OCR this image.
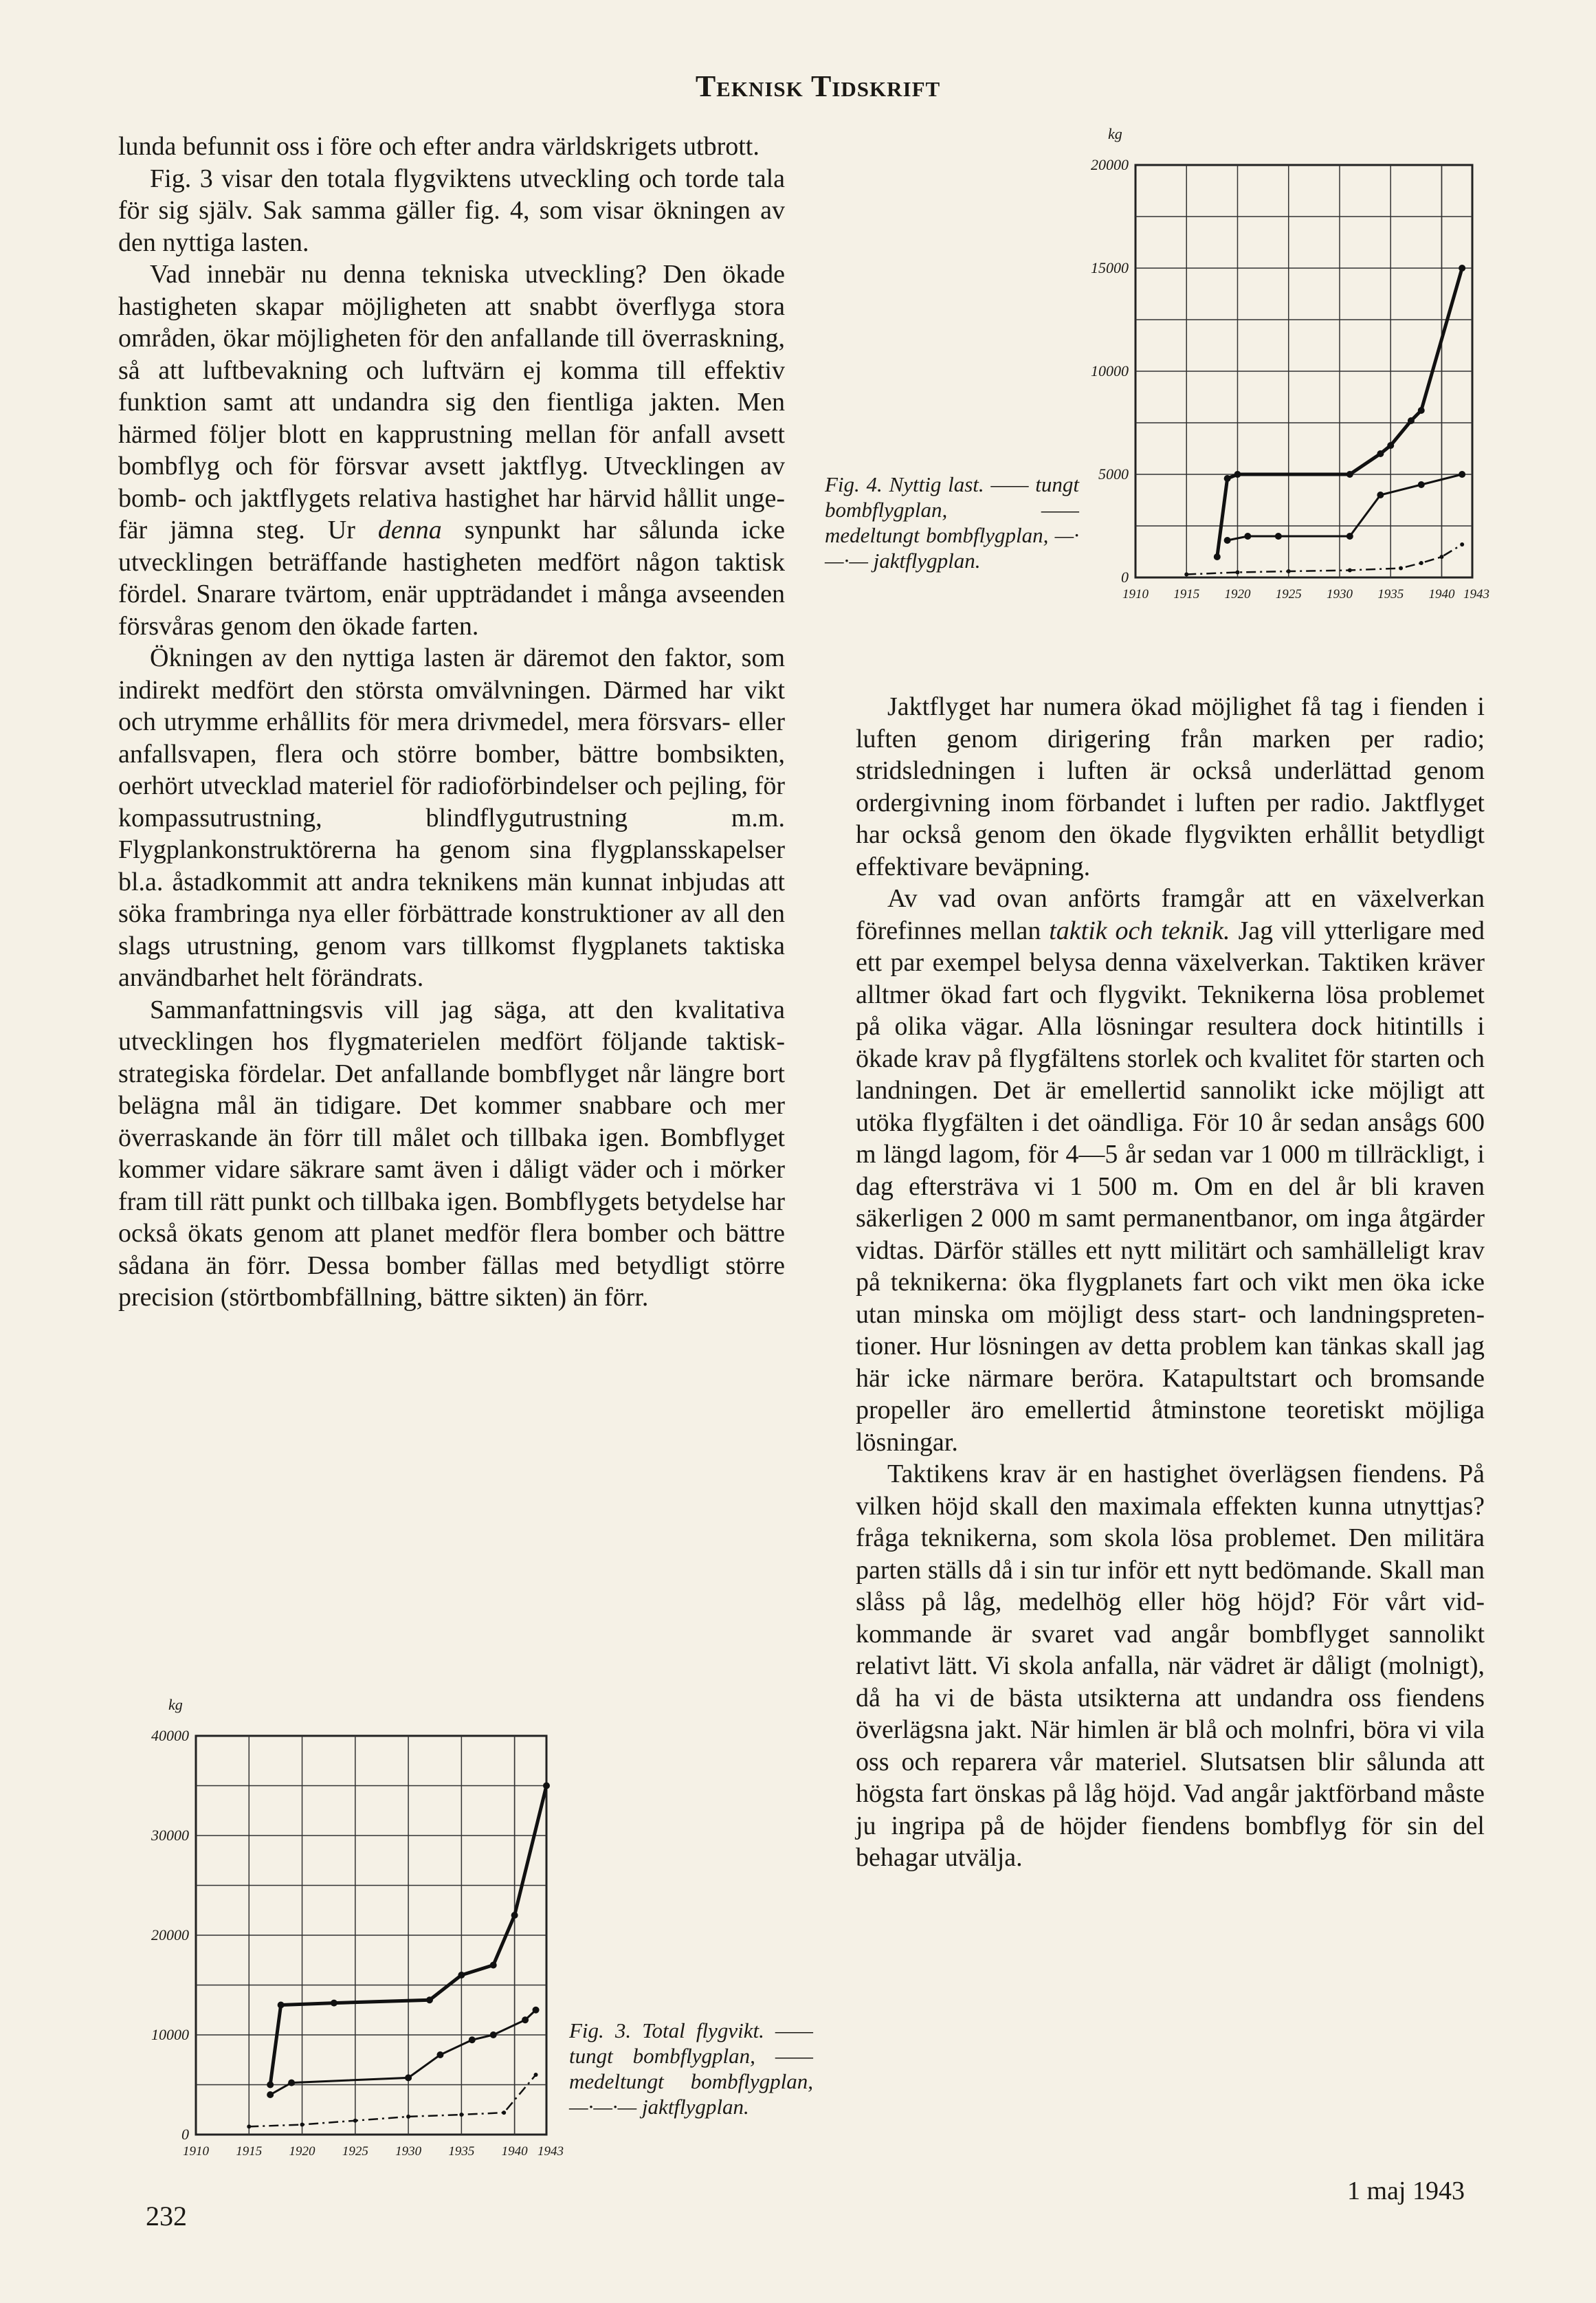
Teknisk Tidskrift

lunda befunnit oss i före och efter andra världskrigets utbrott.

Fig. 3 visar den totala flygviktens utveckling och torde tala för sig själv. Sak samma gäller fig. 4, som visar ökningen av den nyttiga lasten.

Vad innebär nu denna tekniska utveckling? Den ökade hastigheten skapar möjligheten att snabbt överflyga stora områden, ökar möjligheten för den anfallande till överraskning, så att luftbevakning och luftvärn ej komma till effektiv funktion samt att undandra sig den fientliga jakten. Men härmed följer blott en kapprustning mellan för anfall avsett bombflyg och för försvar avsett jaktflyg. Utvecklingen av bomb- och jaktflygets relativa hastighet har härvid hållit ungefär jämna steg. Ur denna synpunkt har sålunda icke utvecklingen beträffande hastigheten medfört någon taktisk fördel. Snarare tvärtom, enär uppträdandet i många avseenden försvåras genom den ökade farten.

Ökningen av den nyttiga lasten är däremot den faktor, som indirekt medfört den största omvälvningen. Därmed har vikt och utrymme erhållits för mera drivmedel, mera försvars- eller anfallsvapen, flera och större bomber, bättre bombsikten, oerhört utvecklad materiel för radioförbindelser och pejling, för kompassutrustning, blindflygutrustning m.m. Flygplankonstruktörerna ha genom sina flygplansskapelser bl.a. åstadkommit att andra teknikens män kunnat inbjudas att söka frambringa nya eller förbättrade konstruktioner av all den slags utrustning, genom vars tillkomst flygplanets taktiska användbarhet helt förändrats.

Sammanfattningsvis vill jag säga, att den kvalitativa utvecklingen hos flygmaterielen medfört följande taktisk-strategiska fördelar. Det anfallande bombflyget når längre bort belägna mål än tidigare. Det kommer snabbare och mer överraskande än förr till målet och tillbaka igen. Bombflyget kommer vidare säkrare samt även i dåligt väder och i mörker fram till rätt punkt och tillbaka igen. Bombflygets betydelse har också ökats genom att planet medför flera bomber och bättre sådana än förr. Dessa bomber fällas med betydligt större precision (störtbombfällning, bättre sikten) än förr.

Jaktflyget har numera ökad möjlighet få tag i fienden i luften genom dirigering från marken per radio; stridsledningen i luften är också underlättad genom ordergivning inom förbandet i luften per radio. Jaktflyget har också genom den ökade flygvikten erhållit betydligt effektivare beväpning.

Av vad ovan anförts framgår att en växelverkan förefinnes mellan taktik och teknik. Jag vill ytterligare med ett par exempel belysa denna växelverkan. Taktiken kräver alltmer ökad fart och flygvikt. Teknikerna lösa problemet på olika vägar. Alla lösningar resultera dock hitintills i ökade krav på flygfältens storlek och kvalitet för starten och landningen. Det är emellertid sannolikt icke möjligt att utöka flygfälten i det oändliga. För 10 år sedan ansågs 600 m längd lagom, för 4—5 år sedan var 1 000 m tillräckligt, i dag eftersträva vi 1 500 m. Om en del år bli kraven säkerligen 2 000 m samt permanentbanor, om inga åtgärder vidtas. Därför ställes ett nytt militärt och samhälleligt krav på teknikerna: öka flygplanets fart och vikt men öka icke utan minska om möjligt dess start- och landningspretentioner. Hur lösningen av detta problem kan tänkas skall jag här icke närmare beröra. Katapultstart och bromsande propeller äro emellertid åtminstone teoretiskt möjliga lösningar.

Taktikens krav är en hastighet överlägsen fiendens. På vilken höjd skall den maximala effekten kunna utnyttjas? fråga teknikerna, som skola lösa problemet. Den militära parten ställs då i sin tur inför ett nytt bedömande. Skall man slåss på låg, medelhög eller hög höjd? För vårt vidkommande är svaret vad angår bombflyget sannolikt relativt lätt. Vi skola anfalla, när vädret är dåligt (molnigt), då ha vi de bästa utsikterna att undandra oss fiendens överlägsna jakt. När himlen är blå och molnfri, böra vi vila oss och reparera vår materiel. Slutsatsen blir sålunda att högsta fart önskas på låg höjd. Vad angår jaktförband måste ju ingripa på de höjder fiendens bombflyg för sin del behagar utvälja.

0
5000
10000
15000
20000
kg
1910 1915 1920 1925 1930 1935 1940 1943
Fig. 4. Nyttig last. —— tungt bombflygplan, —— medeltungt bombflygplan, —·—·— jaktflygplan.
0
10000
20000
30000
40000
kg
1910 1915 1920 1925 1930 1935 1940 1943
Fig. 3. Total flygvikt. —— tungt bombflygplan, —— medeltungt bombflygplan, —·—·— jaktflygplan.
232
1 maj 1943
